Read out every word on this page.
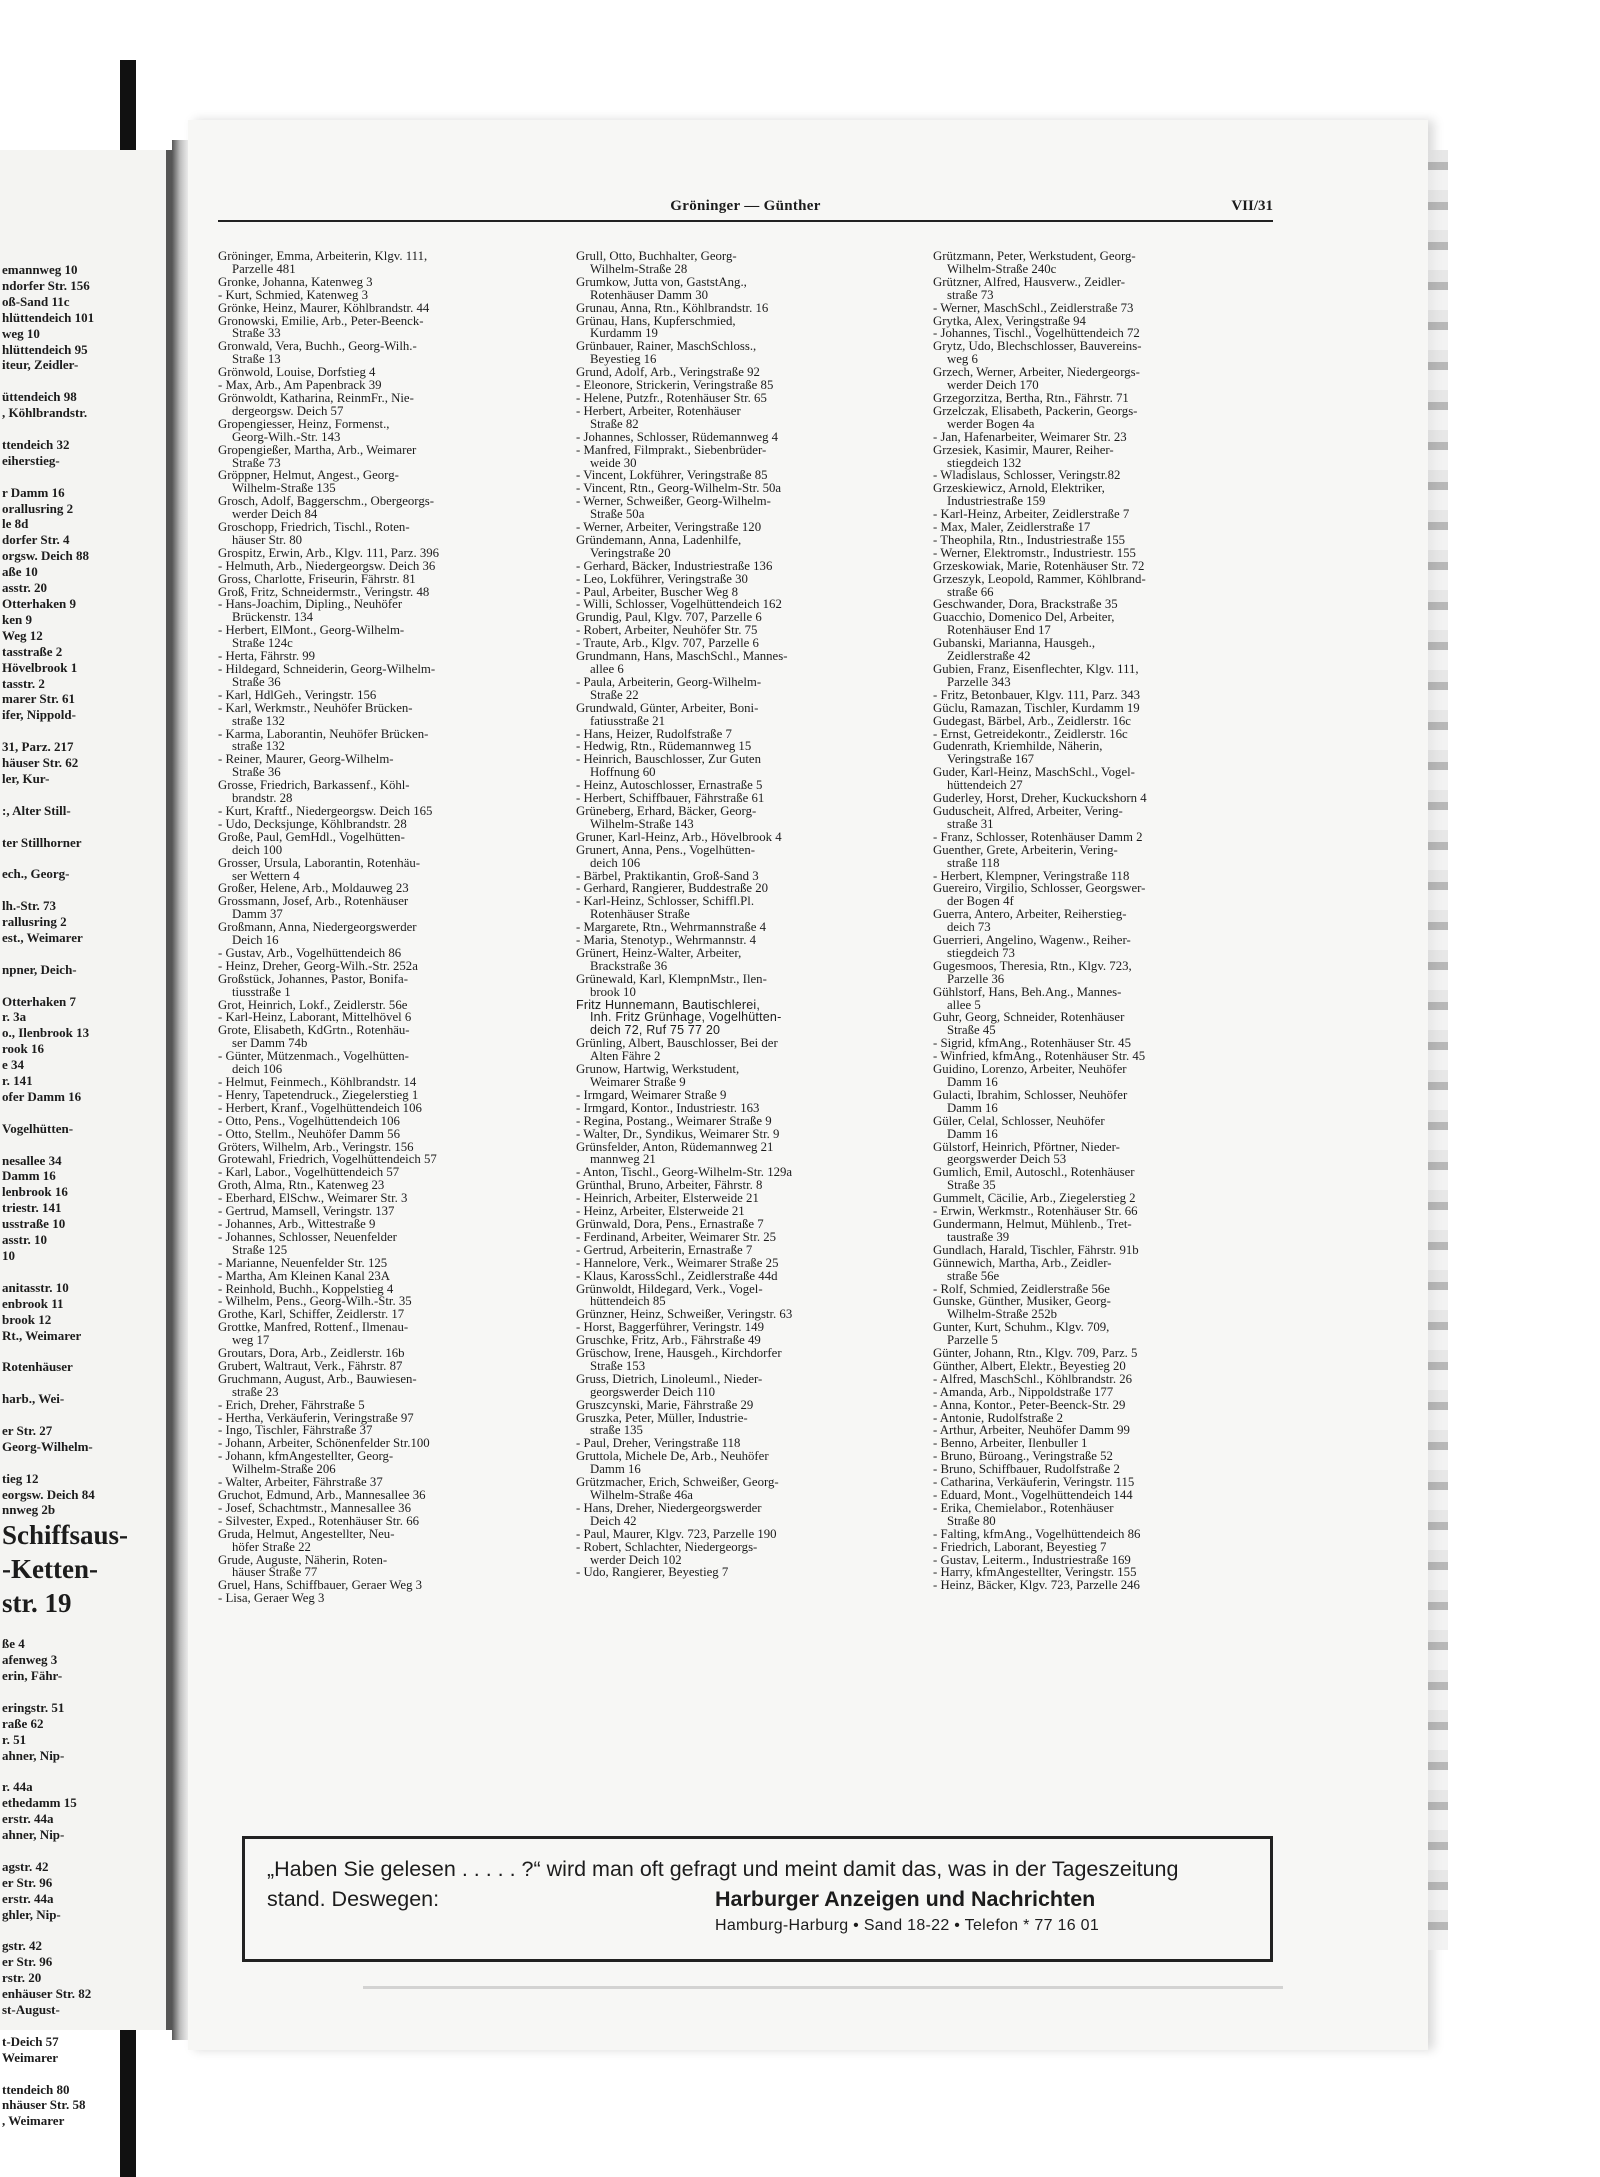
emannweg 10
ndorfer Str. 156
oß-Sand 11c
hlüttendeich 101
weg 10
hlüttendeich 95
iteur, Zeidler-
üttendeich 98
, Köhlbrandstr.
ttendeich 32
eiherstieg-
r Damm 16
orallusring 2
le 8d
dorfer Str. 4
orgsw. Deich 88
aße 10
asstr. 20
Otterhaken 9
ken 9
Weg 12
tasstraße 2
Hövelbrook 1
tasstr. 2
marer Str. 61
ifer, Nippold-
31, Parz. 217
häuser Str. 62
ler, Kur-
:, Alter Still-
ter Stillhorner
ech., Georg-
lh.-Str. 73
rallusring 2
est., Weimarer
npner, Deich-
Otterhaken 7
r. 3a
o., Ilenbrook 13
rook 16
e 34
r. 141
ofer Damm 16
Vogelhütten-
nesallee 34
Damm 16
lenbrook 16
triestr. 141
usstraße 10
asstr. 10
10
anitasstr. 10
enbrook 11
brook 12
Rt., Weimarer
Rotenhäuser
harb., Wei-
er Str. 27
Georg-Wilhelm-
tieg 12
eorgsw. Deich 84
nnweg 2b
Schiffsaus-
-Ketten-
str. 19
ße 4
afenweg 3
erin, Fähr-
eringstr. 51
raße 62
r. 51
ahner, Nip-
r. 44a
ethedamm 15
erstr. 44a
ahner, Nip-
agstr. 42
er Str. 96
erstr. 44a
ghler, Nip-
gstr. 42
er Str. 96
rstr. 20
enhäuser Str. 82
st-August-
t-Deich 57
Weimarer
ttendeich 80
nhäuser Str. 58
, Weimarer
Gröninger — Günther	VII/31
Gröninger, Emma, Arbeiterin, Klgv. 111,
Parzelle 481
Gronke, Johanna, Katenweg 3
- Kurt, Schmied, Katenweg 3
Grönke, Heinz, Maurer, Köhlbrandstr. 44
Gronowski, Emilie, Arb., Peter-Beenck-
Straße 33
Gronwald, Vera, Buchh., Georg-Wilh.-
Straße 13
Grönwold, Louise, Dorfstieg 4
- Max, Arb., Am Papenbrack 39
Grönwoldt, Katharina, ReinmFr., Nie-
dergeorgsw. Deich 57
Gropengiesser, Heinz, Formenst.,
Georg-Wilh.-Str. 143
Gropengießer, Martha, Arb., Weimarer
Straße 73
Gröppner, Helmut, Angest., Georg-
Wilhelm-Straße 135
Grosch, Adolf, Baggerschm., Obergeorgs-
werder Deich 84
Groschopp, Friedrich, Tischl., Roten-
häuser Str. 80
Grospitz, Erwin, Arb., Klgv. 111, Parz. 396
- Helmuth, Arb., Niedergeorgsw. Deich 36
Gross, Charlotte, Friseurin, Fährstr. 81
Groß, Fritz, Schneidermstr., Veringstr. 48
- Hans-Joachim, Dipling., Neuhöfer
Brückenstr. 134
- Herbert, ElMont., Georg-Wilhelm-
Straße 124c
- Herta, Fährstr. 99
- Hildegard, Schneiderin, Georg-Wilhelm-
Straße 36
- Karl, HdlGeh., Veringstr. 156
- Karl, Werkmstr., Neuhöfer Brücken-
straße 132
- Karma, Laborantin, Neuhöfer Brücken-
straße 132
- Reiner, Maurer, Georg-Wilhelm-
Straße 36
Grosse, Friedrich, Barkassenf., Köhl-
brandstr. 28
- Kurt, Kraftf., Niedergeorgsw. Deich 165
- Udo, Decksjunge, Köhlbrandstr. 28
Große, Paul, GemHdl., Vogelhütten-
deich 100
Grosser, Ursula, Laborantin, Rotenhäu-
ser Wettern 4
Großer, Helene, Arb., Moldauweg 23
Grossmann, Josef, Arb., Rotenhäuser
Damm 37
Großmann, Anna, Niedergeorgswerder
Deich 16
- Gustav, Arb., Vogelhüttendeich 86
- Heinz, Dreher, Georg-Wilh.-Str. 252a
Großstück, Johannes, Pastor, Bonifa-
tiusstraße 1
Grot, Heinrich, Lokf., Zeidlerstr. 56e
- Karl-Heinz, Laborant, Mittelhövel 6
Grote, Elisabeth, KdGrtn., Rotenhäu-
ser Damm 74b
- Günter, Mützenmach., Vogelhütten-
deich 106
- Helmut, Feinmech., Köhlbrandstr. 14
- Henry, Tapetendruck., Ziegelerstieg 1
- Herbert, Kranf., Vogelhüttendeich 106
- Otto, Pens., Vogelhüttendeich 106
- Otto, Stellm., Neuhöfer Damm 56
Gröters, Wilhelm, Arb., Veringstr. 156
Grotewahl, Friedrich, Vogelhüttendeich 57
- Karl, Labor., Vogelhüttendeich 57
Groth, Alma, Rtn., Katenweg 23
- Eberhard, ElSchw., Weimarer Str. 3
- Gertrud, Mamsell, Veringstr. 137
- Johannes, Arb., Wittestraße 9
- Johannes, Schlosser, Neuenfelder
Straße 125
- Marianne, Neuenfelder Str. 125
- Martha, Am Kleinen Kanal 23A
- Reinhold, Buchh., Koppelstieg 4
- Wilhelm, Pens., Georg-Wilh.-Str. 35
Grothe, Karl, Schiffer, Zeidlerstr. 17
Grottke, Manfred, Rottenf., Ilmenau-
weg 17
Groutars, Dora, Arb., Zeidlerstr. 16b
Grubert, Waltraut, Verk., Fährstr. 87
Gruchmann, August, Arb., Bauwiesen-
straße 23
- Erich, Dreher, Fährstraße 5
- Hertha, Verkäuferin, Veringstraße 97
- Ingo, Tischler, Fährstraße 37
- Johann, Arbeiter, Schönenfelder Str.100
- Johann, kfmAngestellter, Georg-
Wilhelm-Straße 206
- Walter, Arbeiter, Fährstraße 37
Gruchot, Edmund, Arb., Mannesallee 36
- Josef, Schachtmstr., Mannesallee 36
- Silvester, Exped., Rotenhäuser Str. 66
Gruda, Helmut, Angestellter, Neu-
höfer Straße 22
Grude, Auguste, Näherin, Roten-
häuser Straße 77
Gruel, Hans, Schiffbauer, Geraer Weg 3
- Lisa, Geraer Weg 3
Grull, Otto, Buchhalter, Georg-
Wilhelm-Straße 28
Grumkow, Jutta von, GaststAng.,
Rotenhäuser Damm 30
Grunau, Anna, Rtn., Köhlbrandstr. 16
Grünau, Hans, Kupferschmied,
Kurdamm 19
Grünbauer, Rainer, MaschSchloss.,
Beyestieg 16
Grund, Adolf, Arb., Veringstraße 92
- Eleonore, Strickerin, Veringstraße 85
- Helene, Putzfr., Rotenhäuser Str. 65
- Herbert, Arbeiter, Rotenhäuser
Straße 82
- Johannes, Schlosser, Rüdemannweg 4
- Manfred, Filmprakt., Siebenbrüder-
weide 30
- Vincent, Lokführer, Veringstraße 85
- Vincent, Rtn., Georg-Wilhelm-Str. 50a
- Werner, Schweißer, Georg-Wilhelm-
Straße 50a
- Werner, Arbeiter, Veringstraße 120
Gründemann, Anna, Ladenhilfe,
Veringstraße 20
- Gerhard, Bäcker, Industriestraße 136
- Leo, Lokführer, Veringstraße 30
- Paul, Arbeiter, Buscher Weg 8
- Willi, Schlosser, Vogelhüttendeich 162
Grundig, Paul, Klgv. 707, Parzelle 6
- Robert, Arbeiter, Neuhöfer Str. 75
- Traute, Arb., Klgv. 707, Parzelle 6
Grundmann, Hans, MaschSchl., Mannes-
allee 6
- Paula, Arbeiterin, Georg-Wilhelm-
Straße 22
Grundwald, Günter, Arbeiter, Boni-
fatiusstraße 21
- Hans, Heizer, Rudolfstraße 7
- Hedwig, Rtn., Rüdemannweg 15
- Heinrich, Bauschlosser, Zur Guten
Hoffnung 60
- Heinz, Autoschlosser, Ernastraße 5
- Herbert, Schiffbauer, Fährstraße 61
Grüneberg, Erhard, Bäcker, Georg-
Wilhelm-Straße 143
Gruner, Karl-Heinz, Arb., Hövelbrook 4
Grunert, Anna, Pens., Vogelhütten-
deich 106
- Bärbel, Praktikantin, Groß-Sand 3
- Gerhard, Rangierer, Buddestraße 20
- Karl-Heinz, Schlosser, Schiffl.Pl.
Rotenhäuser Straße
- Margarete, Rtn., Wehrmannstraße 4
- Maria, Stenotyp., Wehrmannstr. 4
Grünert, Heinz-Walter, Arbeiter,
Brackstraße 36
Grünewald, Karl, KlempnMstr., Ilen-
brook 10
Fritz Hunnemann, Bautischlerei,
Inh. Fritz Grünhage, Vogelhütten-
deich 72, Ruf 75 77 20
Grünling, Albert, Bauschlosser, Bei der
Alten Fähre 2
Grunow, Hartwig, Werkstudent,
Weimarer Straße 9
- Irmgard, Weimarer Straße 9
- Irmgard, Kontor., Industriestr. 163
- Regina, Postang., Weimarer Straße 9
- Walter, Dr., Syndikus, Weimarer Str. 9
Grünsfelder, Anton, Rüdemannweg 21
mannweg 21
- Anton, Tischl., Georg-Wilhelm-Str. 129a
Grünthal, Bruno, Arbeiter, Fährstr. 8
- Heinrich, Arbeiter, Elsterweide 21
- Heinz, Arbeiter, Elsterweide 21
Grünwald, Dora, Pens., Ernastraße 7
- Ferdinand, Arbeiter, Weimarer Str. 25
- Gertrud, Arbeiterin, Ernastraße 7
- Hannelore, Verk., Weimarer Straße 25
- Klaus, KarossSchl., Zeidlerstraße 44d
Grünwoldt, Hildegard, Verk., Vogel-
hüttendeich 85
Grünzner, Heinz, Schweißer, Veringstr. 63
- Horst, Baggerführer, Veringstr. 149
Gruschke, Fritz, Arb., Fährstraße 49
Grüschow, Irene, Hausgeh., Kirchdorfer
Straße 153
Gruss, Dietrich, Linoleuml., Nieder-
georgswerder Deich 110
Gruszcynski, Marie, Fährstraße 29
Gruszka, Peter, Müller, Industrie-
straße 135
- Paul, Dreher, Veringstraße 118
Gruttola, Michele De, Arb., Neuhöfer
Damm 16
Grützmacher, Erich, Schweißer, Georg-
Wilhelm-Straße 46a
- Hans, Dreher, Niedergeorgswerder
Deich 42
- Paul, Maurer, Klgv. 723, Parzelle 190
- Robert, Schlachter, Niedergeorgs-
werder Deich 102
- Udo, Rangierer, Beyestieg 7
Grützmann, Peter, Werkstudent, Georg-
Wilhelm-Straße 240c
Grützner, Alfred, Hausverw., Zeidler-
straße 73
- Werner, MaschSchl., Zeidlerstraße 73
Grytka, Alex, Veringstraße 94
- Johannes, Tischl., Vogelhüttendeich 72
Grytz, Udo, Blechschlosser, Bauvereins-
weg 6
Grzech, Werner, Arbeiter, Niedergeorgs-
werder Deich 170
Grzegorzitza, Bertha, Rtn., Fährstr. 71
Grzelczak, Elisabeth, Packerin, Georgs-
werder Bogen 4a
- Jan, Hafenarbeiter, Weimarer Str. 23
Grzesiek, Kasimir, Maurer, Reiher-
stiegdeich 132
- Wladislaus, Schlosser, Veringstr.82
Grzeskiewicz, Arnold, Elektriker,
Industriestraße 159
- Karl-Heinz, Arbeiter, Zeidlerstraße 7
- Max, Maler, Zeidlerstraße 17
- Theophila, Rtn., Industriestraße 155
- Werner, Elektromstr., Industriestr. 155
Grzeskowiak, Marie, Rotenhäuser Str. 72
Grzeszyk, Leopold, Rammer, Köhlbrand-
straße 66
Geschwander, Dora, Brackstraße 35
Guacchio, Domenico Del, Arbeiter,
Rotenhäuser End 17
Gubanski, Marianna, Hausgeh.,
Zeidlerstraße 42
Gubien, Franz, Eisenflechter, Klgv. 111,
Parzelle 343
- Fritz, Betonbauer, Klgv. 111, Parz. 343
Güclu, Ramazan, Tischler, Kurdamm 19
Gudegast, Bärbel, Arb., Zeidlerstr. 16c
- Ernst, Getreidekontr., Zeidlerstr. 16c
Gudenrath, Kriemhilde, Näherin,
Veringstraße 167
Guder, Karl-Heinz, MaschSchl., Vogel-
hüttendeich 27
Guderley, Horst, Dreher, Kuckuckshorn 4
Guduscheit, Alfred, Arbeiter, Vering-
straße 31
- Franz, Schlosser, Rotenhäuser Damm 2
Guenther, Grete, Arbeiterin, Vering-
straße 118
- Herbert, Klempner, Veringstraße 118
Guereiro, Virgilio, Schlosser, Georgswer-
der Bogen 4f
Guerra, Antero, Arbeiter, Reiherstieg-
deich 73
Guerrieri, Angelino, Wagenw., Reiher-
stiegdeich 73
Gugesmoos, Theresia, Rtn., Klgv. 723,
Parzelle 36
Gühlstorf, Hans, Beh.Ang., Mannes-
allee 5
Guhr, Georg, Schneider, Rotenhäuser
Straße 45
- Sigrid, kfmAng., Rotenhäuser Str. 45
- Winfried, kfmAng., Rotenhäuser Str. 45
Guidino, Lorenzo, Arbeiter, Neuhöfer
Damm 16
Gulacti, Ibrahim, Schlosser, Neuhöfer
Damm 16
Güler, Celal, Schlosser, Neuhöfer
Damm 16
Gülstorf, Heinrich, Pförtner, Nieder-
georgswerder Deich 53
Gumlich, Emil, Autoschl., Rotenhäuser
Straße 35
Gummelt, Cäcilie, Arb., Ziegelerstieg 2
- Erwin, Werkmstr., Rotenhäuser Str. 66
Gundermann, Helmut, Mühlenb., Tret-
taustraße 39
Gundlach, Harald, Tischler, Fährstr. 91b
Günnewich, Martha, Arb., Zeidler-
straße 56e
- Rolf, Schmied, Zeidlerstraße 56e
Gunske, Günther, Musiker, Georg-
Wilhelm-Straße 252b
Gunter, Kurt, Schuhm., Klgv. 709,
Parzelle 5
Günter, Johann, Rtn., Klgv. 709, Parz. 5
Günther, Albert, Elektr., Beyestieg 20
- Alfred, MaschSchl., Köhlbrandstr. 26
- Amanda, Arb., Nippoldstraße 177
- Anna, Kontor., Peter-Beenck-Str. 29
- Antonie, Rudolfstraße 2
- Arthur, Arbeiter, Neuhöfer Damm 99
- Benno, Arbeiter, Ilenbuller 1
- Bruno, Büroang., Veringstraße 52
- Bruno, Schiffbauer, Rudolfstraße 2
- Catharina, Verkäuferin, Veringstr. 115
- Eduard, Mont., Vogelhüttendeich 144
- Erika, Chemielabor., Rotenhäuser
Straße 80
- Falting, kfmAng., Vogelhüttendeich 86
- Friedrich, Laborant, Beyestieg 7
- Gustav, Leiterm., Industriestraße 169
- Harry, kfmAngestellter, Veringstr. 155
- Heinz, Bäcker, Klgv. 723, Parzelle 246
„Haben Sie gelesen . . . . . ?“ wird man oft gefragt und meint damit das, was in der Tageszeitung
stand. Deswegen:	Harburger Anzeigen und Nachrichten
Hamburg-Harburg • Sand 18-22 • Telefon * 77 16 01
